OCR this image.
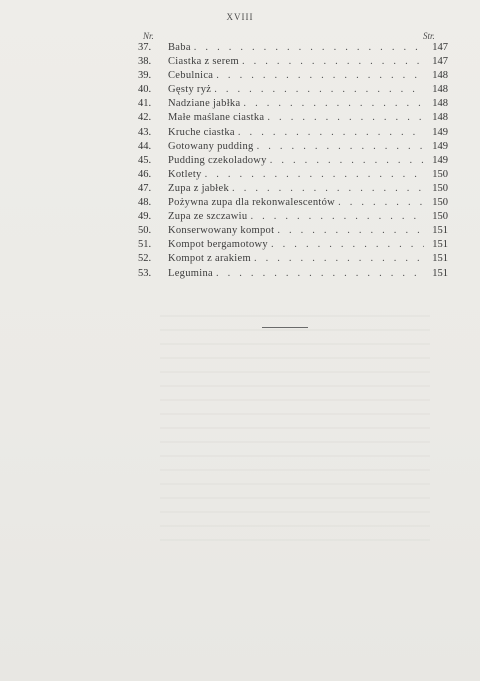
XVIII
Nr.	Str.
37.	Baba . . .	147
38.	Ciastka z serem . . .	147
39.	Cebulnica . . .	148
40.	Gęsty ryż . . .	148
41.	Nadziane jabłka . . .	148
42.	Małe maślane ciastka . . .	148
43.	Kruche ciastka . . .	149
44.	Gotowany pudding . . .	149
45.	Pudding czekoladowy . . .	149
46.	Kotlety . . .	150
47.	Zupa z jabłek . . .	150
48.	Pożywna zupa dla rekonwalescentów . . .	150
49.	Zupa ze szczawiu . . .	150
50.	Konserwowany kompot . . .	151
51.	Kompot bergamotowy . . .	151
52.	Kompot z arakiem . . .	151
53.	Legumina . . .	151
